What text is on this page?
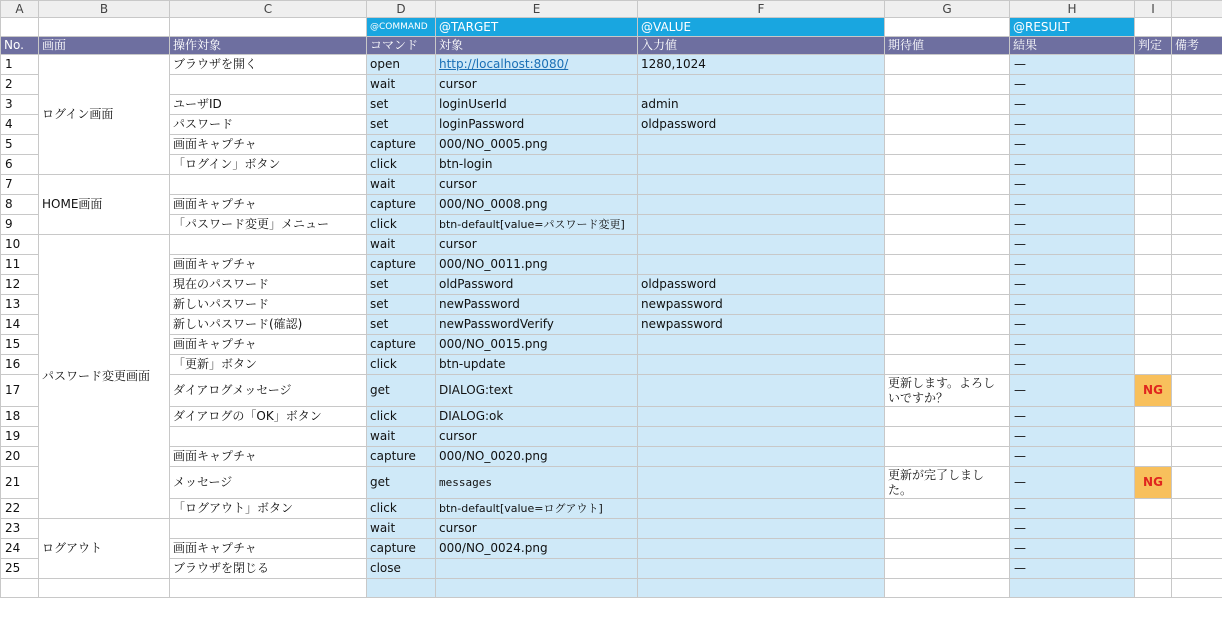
A	B	C	D	E	F	G	H	I	
			@COMMAND	@TARGET	@VALUE		@RESULT		
No.	画面	操作対象	コマンド	対象	入力値	期待値	結果	判定	備考
1	ログイン画面	ブラウザを開く	open	http://localhost:8080/	1280,1024		—		
2			wait	cursor			—		
3		ユーザID	set	loginUserId	admin		—		
4		パスワード	set	loginPassword	oldpassword		—		
5		画面キャプチャ	capture	000/NO_0005.png			—		
6		「ログイン」ボタン	click	btn-login			—		
7	HOME画面		wait	cursor			—		
8		画面キャプチャ	capture	000/NO_0008.png			—		
9		「パスワード変更」メニュー	click	btn-default[value=パスワード変更]			—		
10	パスワード変更画面		wait	cursor			—		
11		画面キャプチャ	capture	000/NO_0011.png			—		
12		現在のパスワード	set	oldPassword	oldpassword		—		
13		新しいパスワード	set	newPassword	newpassword		—		
14		新しいパスワード(確認)	set	newPasswordVerify	newpassword		—		
15		画面キャプチャ	capture	000/NO_0015.png			—		
16		「更新」ボタン	click	btn-update			—		
17		ダイアログメッセージ	get	DIALOG:text		更新します。よろしいですか？	—	NG	
18		ダイアログの「OK」ボタン	click	DIALOG:ok			—		
19			wait	cursor			—		
20		画面キャプチャ	capture	000/NO_0020.png			—		
21		メッセージ	get	messages		更新が完了しました。	—	NG	
22		「ログアウト」ボタン	click	btn-default[value=ログアウト]			—		
23	ログアウト		wait	cursor			—		
24		画面キャプチャ	capture	000/NO_0024.png			—		
25		ブラウザを閉じる	close				—		
